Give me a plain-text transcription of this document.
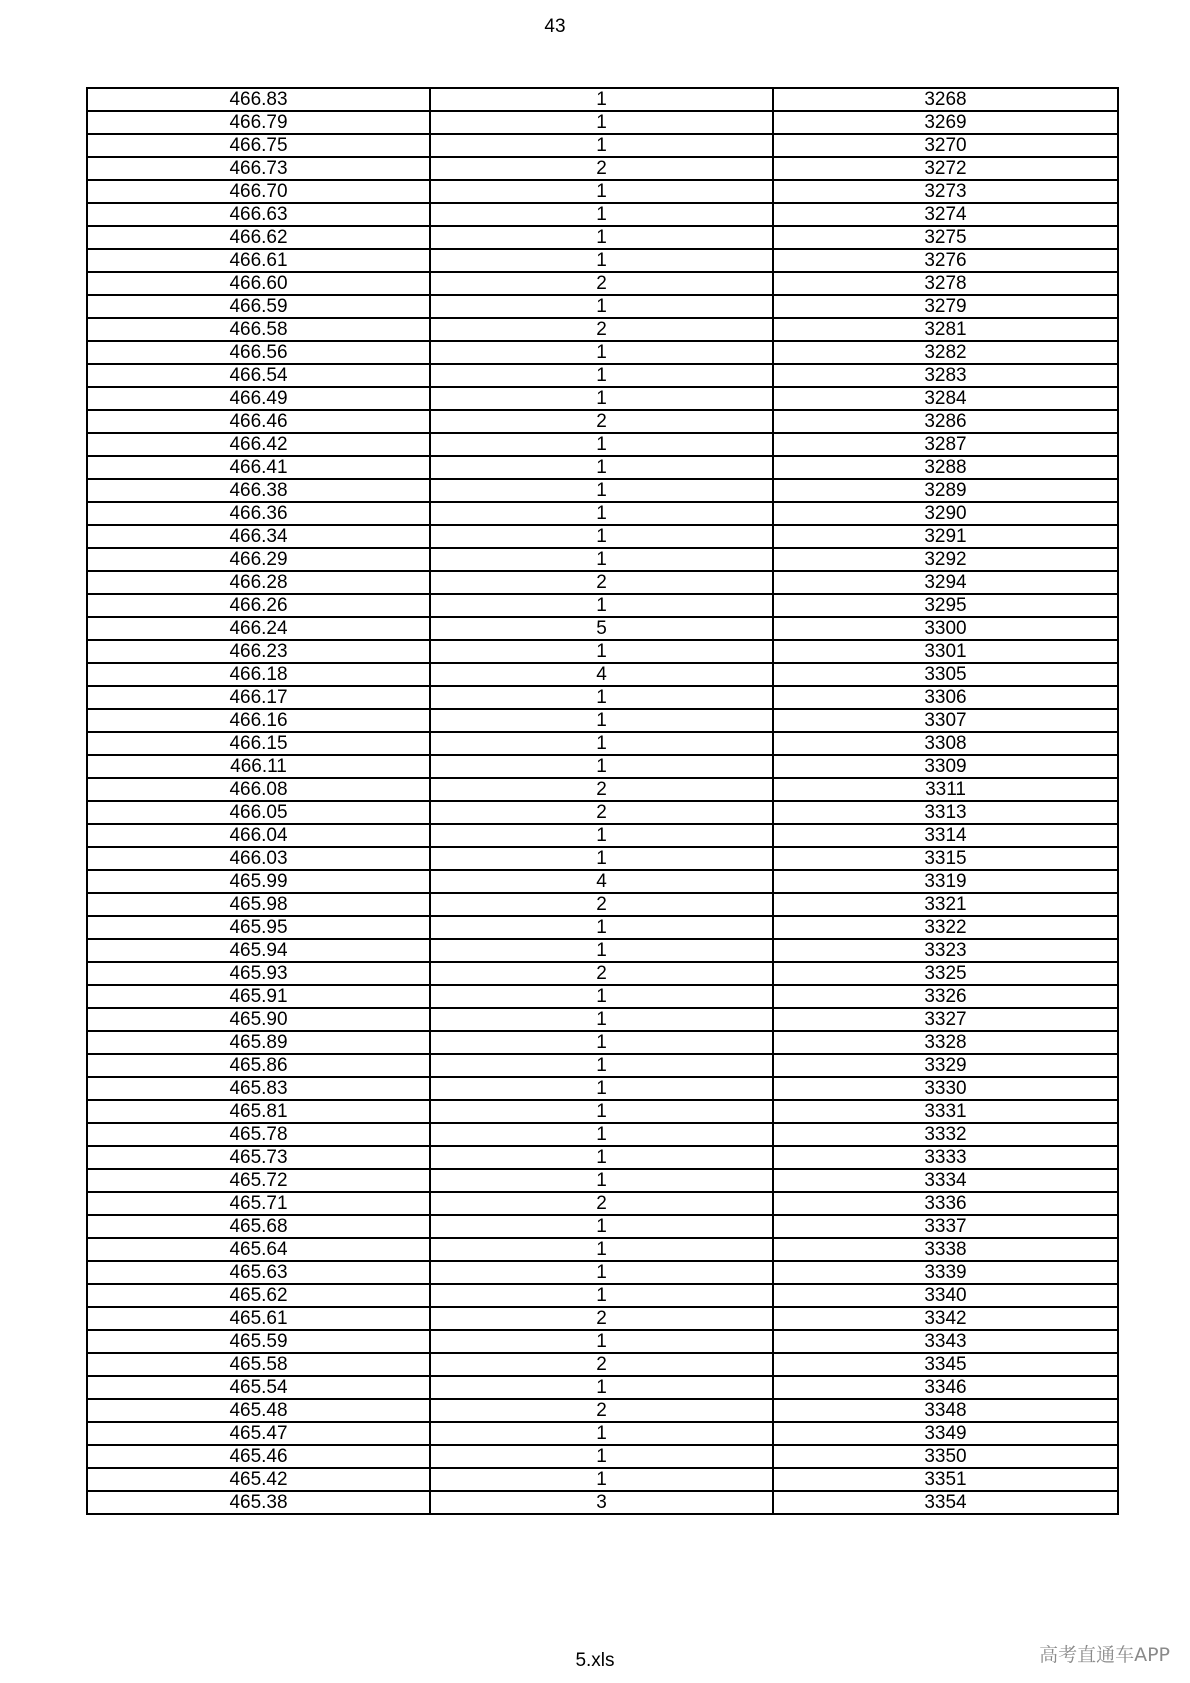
43
466.83	1	3268
466.79	1	3269
466.75	1	3270
466.73	2	3272
466.70	1	3273
466.63	1	3274
466.62	1	3275
466.61	1	3276
466.60	2	3278
466.59	1	3279
466.58	2	3281
466.56	1	3282
466.54	1	3283
466.49	1	3284
466.46	2	3286
466.42	1	3287
466.41	1	3288
466.38	1	3289
466.36	1	3290
466.34	1	3291
466.29	1	3292
466.28	2	3294
466.26	1	3295
466.24	5	3300
466.23	1	3301
466.18	4	3305
466.17	1	3306
466.16	1	3307
466.15	1	3308
466.11	1	3309
466.08	2	3311
466.05	2	3313
466.04	1	3314
466.03	1	3315
465.99	4	3319
465.98	2	3321
465.95	1	3322
465.94	1	3323
465.93	2	3325
465.91	1	3326
465.90	1	3327
465.89	1	3328
465.86	1	3329
465.83	1	3330
465.81	1	3331
465.78	1	3332
465.73	1	3333
465.72	1	3334
465.71	2	3336
465.68	1	3337
465.64	1	3338
465.63	1	3339
465.62	1	3340
465.61	2	3342
465.59	1	3343
465.58	2	3345
465.54	1	3346
465.48	2	3348
465.47	1	3349
465.46	1	3350
465.42	1	3351
465.38	3	3354
5.xls	高考直通车APP
